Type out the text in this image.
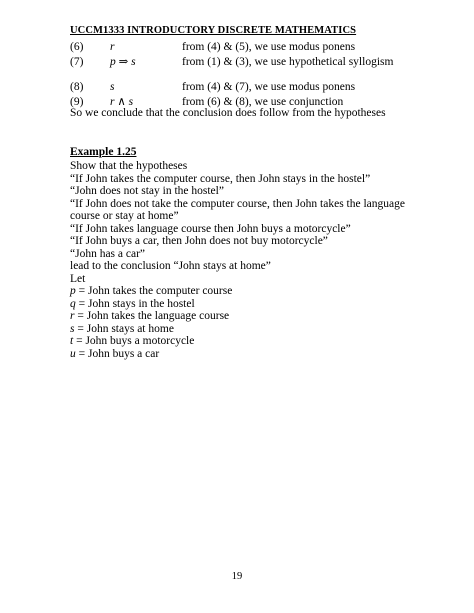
UCCM1333 INTRODUCTORY DISCRETE MATHEMATICS
(6) r	from (4) & (5), we use modus ponens
(7) p ⇒ s	from (1) & (3), we use hypothetical syllogism
(8) s	from (4) & (7), we use modus ponens
(9) r ∧ s	from (6) & (8), we use conjunction
So we conclude that the conclusion does follow from the hypotheses
Example 1.25
Show that the hypotheses
“If John takes the computer course, then John stays in the hostel”
“John does not stay in the hostel”
“If John does not take the computer course, then John takes the language
course or stay at home”
“If John takes language course then John buys a motorcycle”
“If John buys a car, then John does not buy motorcycle”
“John has a car”
lead to the conclusion “John stays at home”
Let
p = John takes the computer course
q = John stays in the hostel
r = John takes the language course
s = John stays at home
t = John buys a motorcycle
u = John buys a car
19
